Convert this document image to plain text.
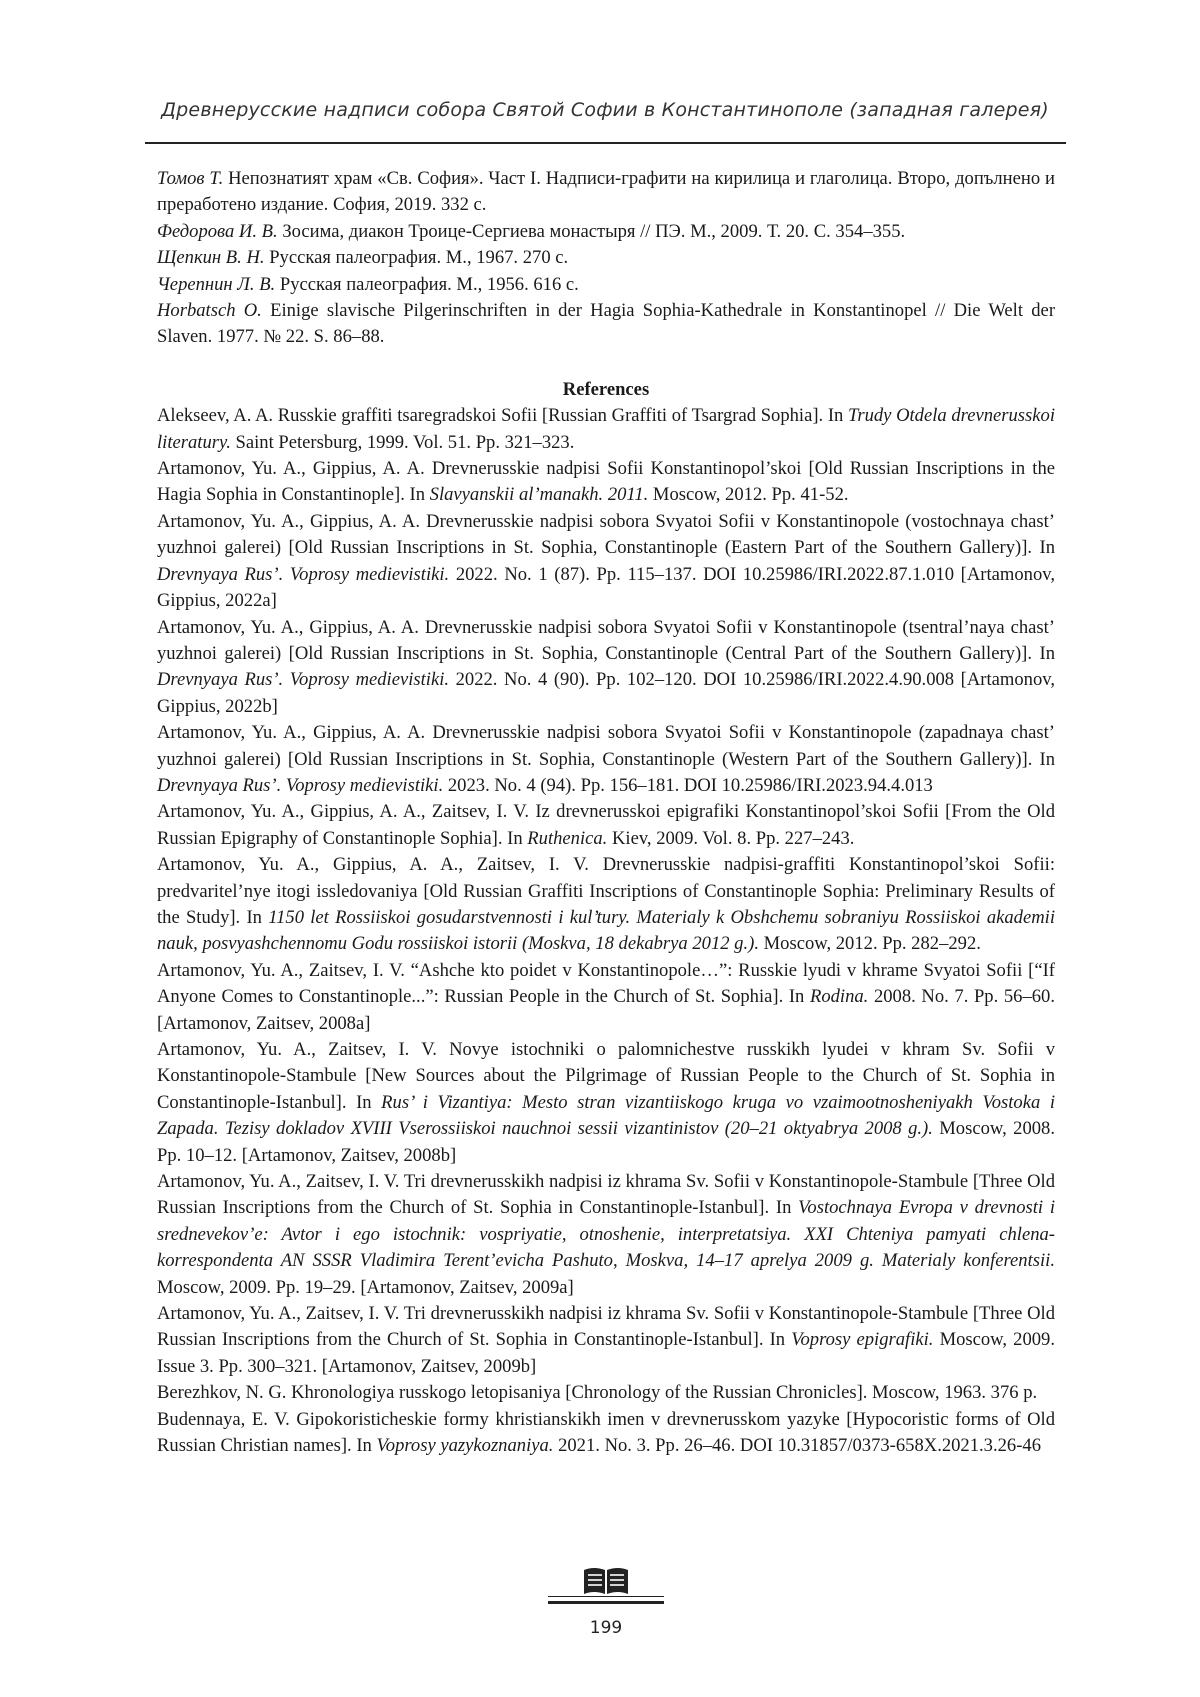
Древнерусские надписи собора Святой Софии в Константинополе (западная галерея)

Томов Т. Непознатият храм «Св. София». Част I. Надписи-графити на кирилица и глаголица. Второ, допълнено и преработено издание. София, 2019. 332 с.

Федорова И. В. Зосима, диакон Троице-Сергиева монастыря // ПЭ. М., 2009. Т. 20. С. 354–355.

Щепкин В. Н. Русская палеография. М., 1967. 270 с.

Черепнин Л. В. Русская палеография. М., 1956. 616 с.

Horbatsch O. Einige slavische Pilgerinschriften in der Hagia Sophia-Kathedrale in Konstantinopel // Die Welt der Slaven. 1977. № 22. S. 86–88.

References

Alekseev, A. A. Russkie graffiti tsaregradskoi Sofii [Russian Graffiti of Tsargrad Sophia]. In Trudy Otdela drevnerusskoi literatury. Saint Petersburg, 1999. Vol. 51. Pp. 321–323.

Artamonov, Yu. A., Gippius, A. A. Drevnerusskie nadpisi Sofii Konstantinopol’skoi [Old Russian Inscriptions in the Hagia Sophia in Constantinople]. In Slavyanskii al’manakh. 2011. Moscow, 2012. Pp. 41-52.

Artamonov, Yu. A., Gippius, A. A. Drevnerusskie nadpisi sobora Svyatoi Sofii v Konstantinopole (vostochnaya chast’ yuzhnoi galerei) [Old Russian Inscriptions in St. Sophia, Constantinople (Eastern Part of the Southern Gallery)]. In Drevnyaya Rus’. Voprosy medievistiki. 2022. No. 1 (87). Pp. 115–137. DOI 10.25986/IRI.2022.87.1.010 [Artamonov, Gippius, 2022a]

Artamonov, Yu. A., Gippius, A. A. Drevnerusskie nadpisi sobora Svyatoi Sofii v Konstantinopole (tsentral’naya chast’ yuzhnoi galerei) [Old Russian Inscriptions in St. Sophia, Constantinople (Central Part of the Southern Gallery)]. In Drevnyaya Rus’. Voprosy medievistiki. 2022. No. 4 (90). Pp. 102–120. DOI 10.25986/IRI.2022.4.90.008 [Artamonov, Gippius, 2022b]

Artamonov, Yu. A., Gippius, A. A. Drevnerusskie nadpisi sobora Svyatoi Sofii v Konstantinopole (zapadnaya chast’ yuzhnoi galerei) [Old Russian Inscriptions in St. Sophia, Constantinople (Western Part of the Southern Gallery)]. In Drevnyaya Rus’. Voprosy medievistiki. 2023. No. 4 (94). Pp. 156–181. DOI 10.25986/IRI.2023.94.4.013

Artamonov, Yu. A., Gippius, A. A., Zaitsev, I. V. Iz drevnerusskoi epigrafiki Konstantinopol’skoi Sofii [From the Old Russian Epigraphy of Constantinople Sophia]. In Ruthenica. Kiev, 2009. Vol. 8. Pp. 227–243.

Artamonov, Yu. A., Gippius, A. A., Zaitsev, I. V. Drevnerusskie nadpisi-graffiti Konstantinopol’skoi Sofii: predvaritel’nye itogi issledovaniya [Old Russian Graffiti Inscriptions of Constantinople Sophia: Preliminary Results of the Study]. In 1150 let Rossiiskoi gosudarstvennosti i kul’tury. Materialy k Obshchemu sobraniyu Rossiiskoi akademii nauk, posvyashchennomu Godu rossiiskoi istorii (Moskva, 18 dekabrya 2012 g.). Moscow, 2012. Pp. 282–292.

Artamonov, Yu. A., Zaitsev, I. V. “Ashche kto poidet v Konstantinopole…”: Russkie lyudi v khrame Svyatoi Sofii [“If Anyone Comes to Constantinople...”: Russian People in the Church of St. Sophia]. In Rodina. 2008. No. 7. Pp. 56–60. [Artamonov, Zaitsev, 2008a]

Artamonov, Yu. A., Zaitsev, I. V. Novye istochniki o palomnichestve russkikh lyudei v khram Sv. Sofii v Konstantinopole-Stambule [New Sources about the Pilgrimage of Russian People to the Church of St. Sophia in Constantinople-Istanbul]. In Rus’ i Vizantiya: Mesto stran vizantiiskogo kruga vo vzaimootnosheniyakh Vostoka i Zapada. Tezisy dokladov XVIII Vserossiiskoi nauchnoi sessii vizantinistov (20–21 oktyabrya 2008 g.). Moscow, 2008. Pp. 10–12. [Artamonov, Zaitsev, 2008b]

Artamonov, Yu. A., Zaitsev, I. V. Tri drevnerusskikh nadpisi iz khrama Sv. Sofii v Konstantinopole-Stambule [Three Old Russian Inscriptions from the Church of St. Sophia in Constantinople-Istanbul]. In Vostochnaya Evropa v drevnosti i srednevekov’e: Avtor i ego istochnik: vospriyatie, otnoshenie, interpretatsiya. XXI Chteniya pamyati chlena-korrespondenta AN SSSR Vladimira Terent’evicha Pashuto, Moskva, 14–17 aprelya 2009 g. Materialy konferentsii. Moscow, 2009. Pp. 19–29. [Artamonov, Zaitsev, 2009a]

Artamonov, Yu. A., Zaitsev, I. V. Tri drevnerusskikh nadpisi iz khrama Sv. Sofii v Konstantinopole-Stambule [Three Old Russian Inscriptions from the Church of St. Sophia in Constantinople-Istanbul]. In Voprosy epigrafiki. Moscow, 2009. Issue 3. Pp. 300–321. [Artamonov, Zaitsev, 2009b]

Berezhkov, N. G. Khronologiya russkogo letopisaniya [Chronology of the Russian Chronicles]. Moscow, 1963. 376 p.

Budennaya, E. V. Gipokoristicheskie formy khristianskikh imen v drevnerusskom yazyke [Hypocoristic forms of Old Russian Christian names]. In Voprosy yazykoznaniya. 2021. No. 3. Pp. 26–46. DOI 10.31857/0373-658X.2021.3.26-46

199
